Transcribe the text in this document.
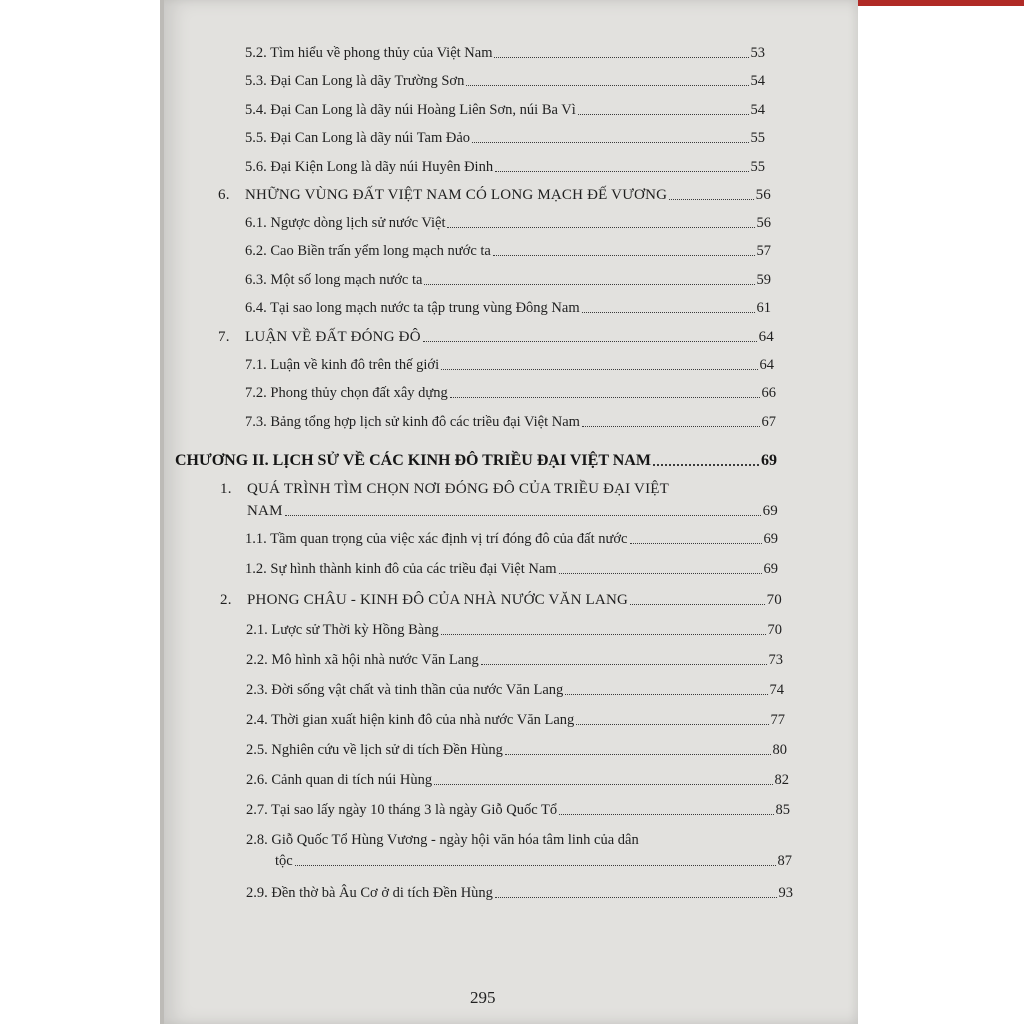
5.2. Tìm hiểu về phong thủy của Việt Nam	53
5.3. Đại Can Long là dãy Trường Sơn	54
5.4. Đại Can Long là dãy núi Hoàng Liên Sơn, núi Ba Vì	54
5.5. Đại Can Long là dãy núi Tam Đảo	55
5.6. Đại Kiện Long là dãy núi Huyên Đinh	55
6.	NHỮNG VÙNG ĐẤT VIỆT NAM CÓ LONG MẠCH ĐẾ VƯƠNG	56
6.1. Ngược dòng lịch sử nước Việt	56
6.2. Cao Biền trấn yểm long mạch nước ta	57
6.3. Một số long mạch nước ta	59
6.4. Tại sao long mạch nước ta tập trung vùng Đông Nam	61
7.	LUẬN VỀ ĐẤT ĐÓNG ĐÔ	64
7.1. Luận về kinh đô trên thế giới	64
7.2. Phong thủy chọn đất xây dựng	66
7.3. Bảng tổng hợp lịch sử kinh đô các triều đại Việt Nam	67
CHƯƠNG II. LỊCH SỬ VỀ CÁC KINH ĐÔ TRIỀU ĐẠI VIỆT NAM	69
1. QUÁ TRÌNH TÌM CHỌN NƠI ĐÓNG ĐÔ CỦA TRIỀU ĐẠI VIỆT
NAM	69
1.1. Tầm quan trọng của việc xác định vị trí đóng đô của đất nước	69
1.2. Sự hình thành kinh đô của các triều đại Việt Nam	69
2.	PHONG CHÂU - KINH ĐÔ CỦA NHÀ NƯỚC VĂN LANG	70
2.1. Lược sử Thời kỳ Hồng Bàng	70
2.2. Mô hình xã hội nhà nước Văn Lang	73
2.3. Đời sống vật chất và tinh thần của nước Văn Lang	74
2.4. Thời gian xuất hiện kinh đô của nhà nước Văn Lang	77
2.5. Nghiên cứu về lịch sử di tích Đền Hùng	80
2.6. Cảnh quan di tích núi Hùng	82
2.7. Tại sao lấy ngày 10 tháng 3 là ngày Giỗ Quốc Tổ	85
2.8. Giỗ Quốc Tổ Hùng Vương - ngày hội văn hóa tâm linh của dân
tộc	87
2.9. Đền thờ bà Âu Cơ ở di tích Đền Hùng	93
295
